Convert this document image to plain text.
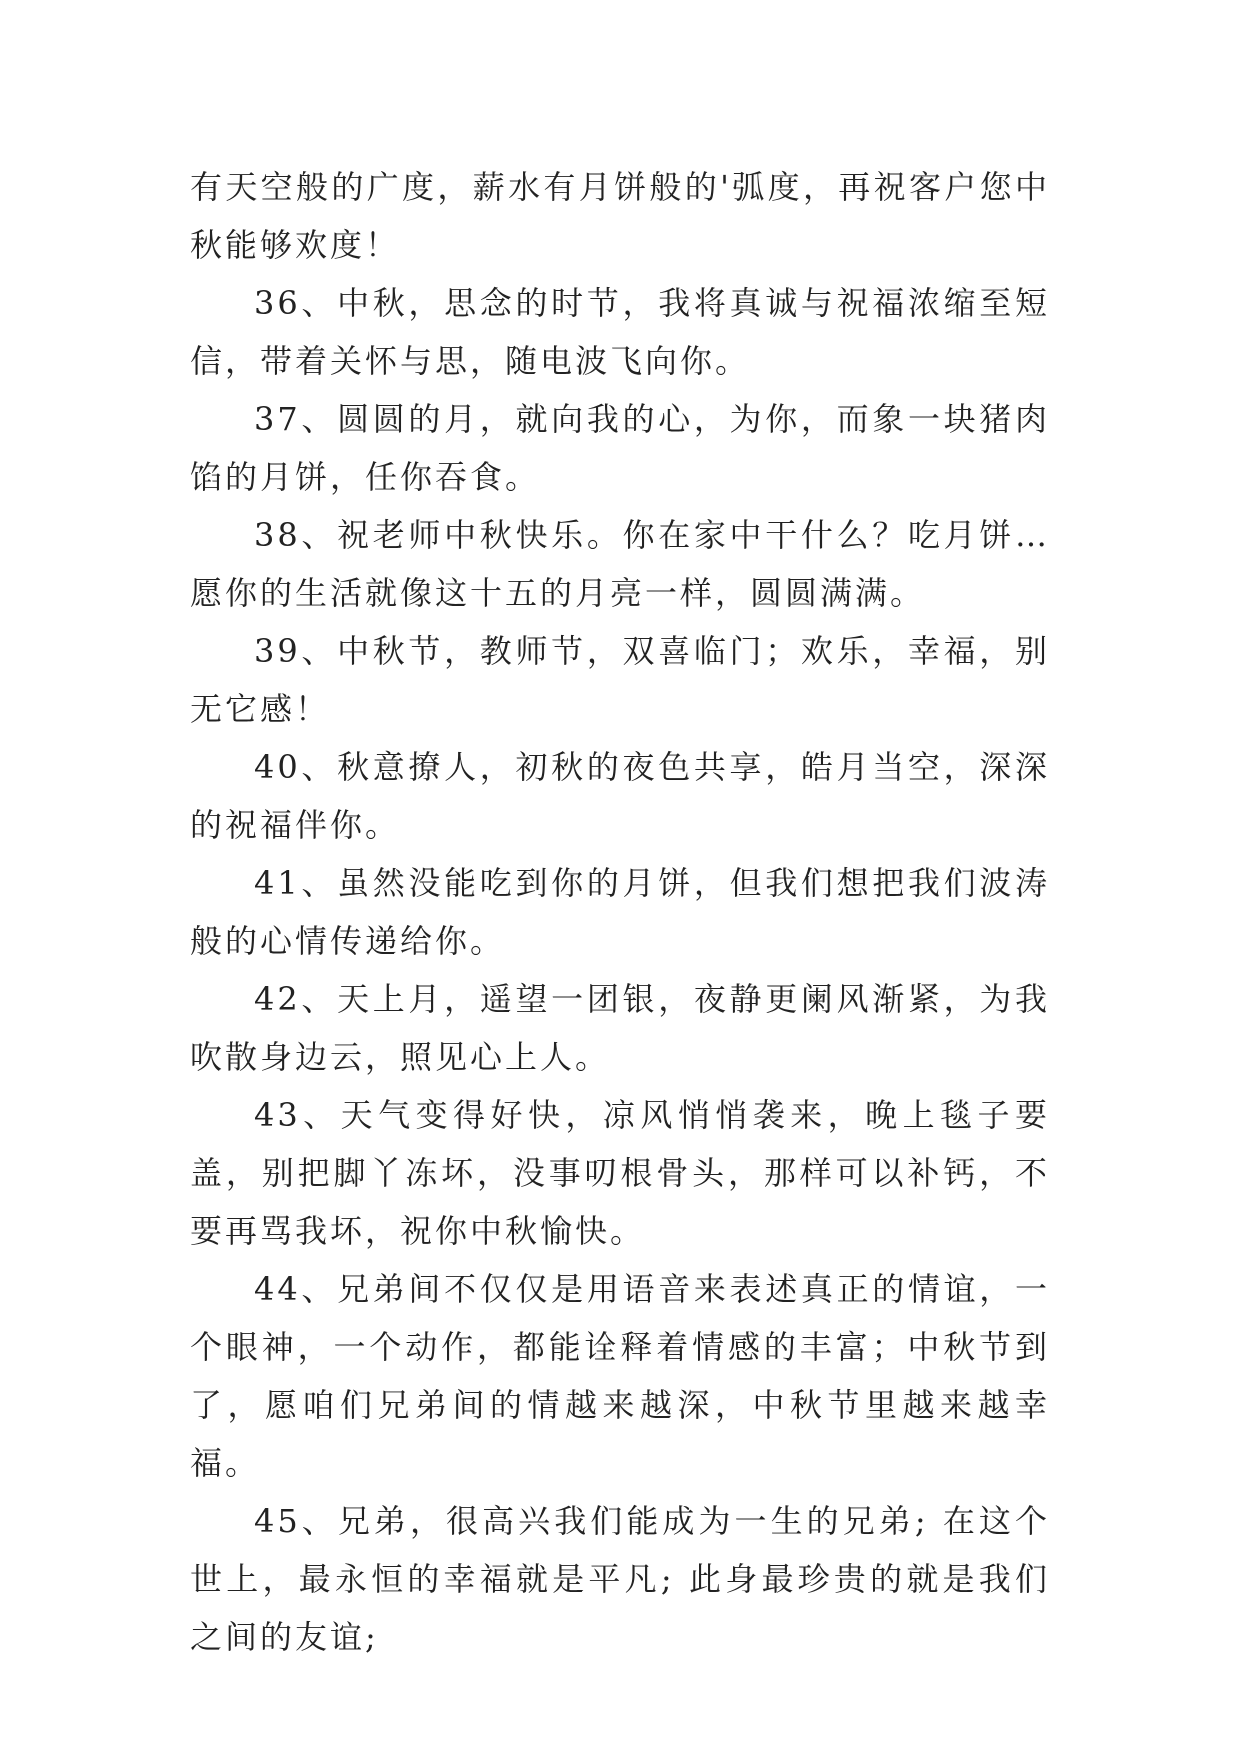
有天空般的广度，薪水有月饼般的'弧度，再祝客户您中秋能够欢度！

36、中秋，思念的时节，我将真诚与祝福浓缩至短信，带着关怀与思，随电波飞向你。

37、圆圆的月，就向我的心，为你，而象一块猪肉馅的月饼，任你吞食。

38、祝老师中秋快乐。你在家中干什么？吃月饼…愿你的生活就像这十五的月亮一样，圆圆满满。

39、中秋节，教师节，双喜临门；欢乐，幸福，别无它感！

40、秋意撩人，初秋的夜色共享，皓月当空，深深的祝福伴你。

41、虽然没能吃到你的月饼，但我们想把我们波涛般的心情传递给你。

42、天上月，遥望一团银，夜静更阑风渐紧，为我吹散身边云，照见心上人。

43、天气变得好快，凉风悄悄袭来，晚上毯子要盖，别把脚丫冻坏，没事叨根骨头，那样可以补钙，不要再骂我坏，祝你中秋愉快。

44、兄弟间不仅仅是用语音来表述真正的情谊，一个眼神，一个动作，都能诠释着情感的丰富；中秋节到了，愿咱们兄弟间的情越来越深，中秋节里越来越幸福。

45、兄弟，很高兴我们能成为一生的兄弟; 在这个世上，最永恒的幸福就是平凡; 此身最珍贵的就是我们之间的友谊;
